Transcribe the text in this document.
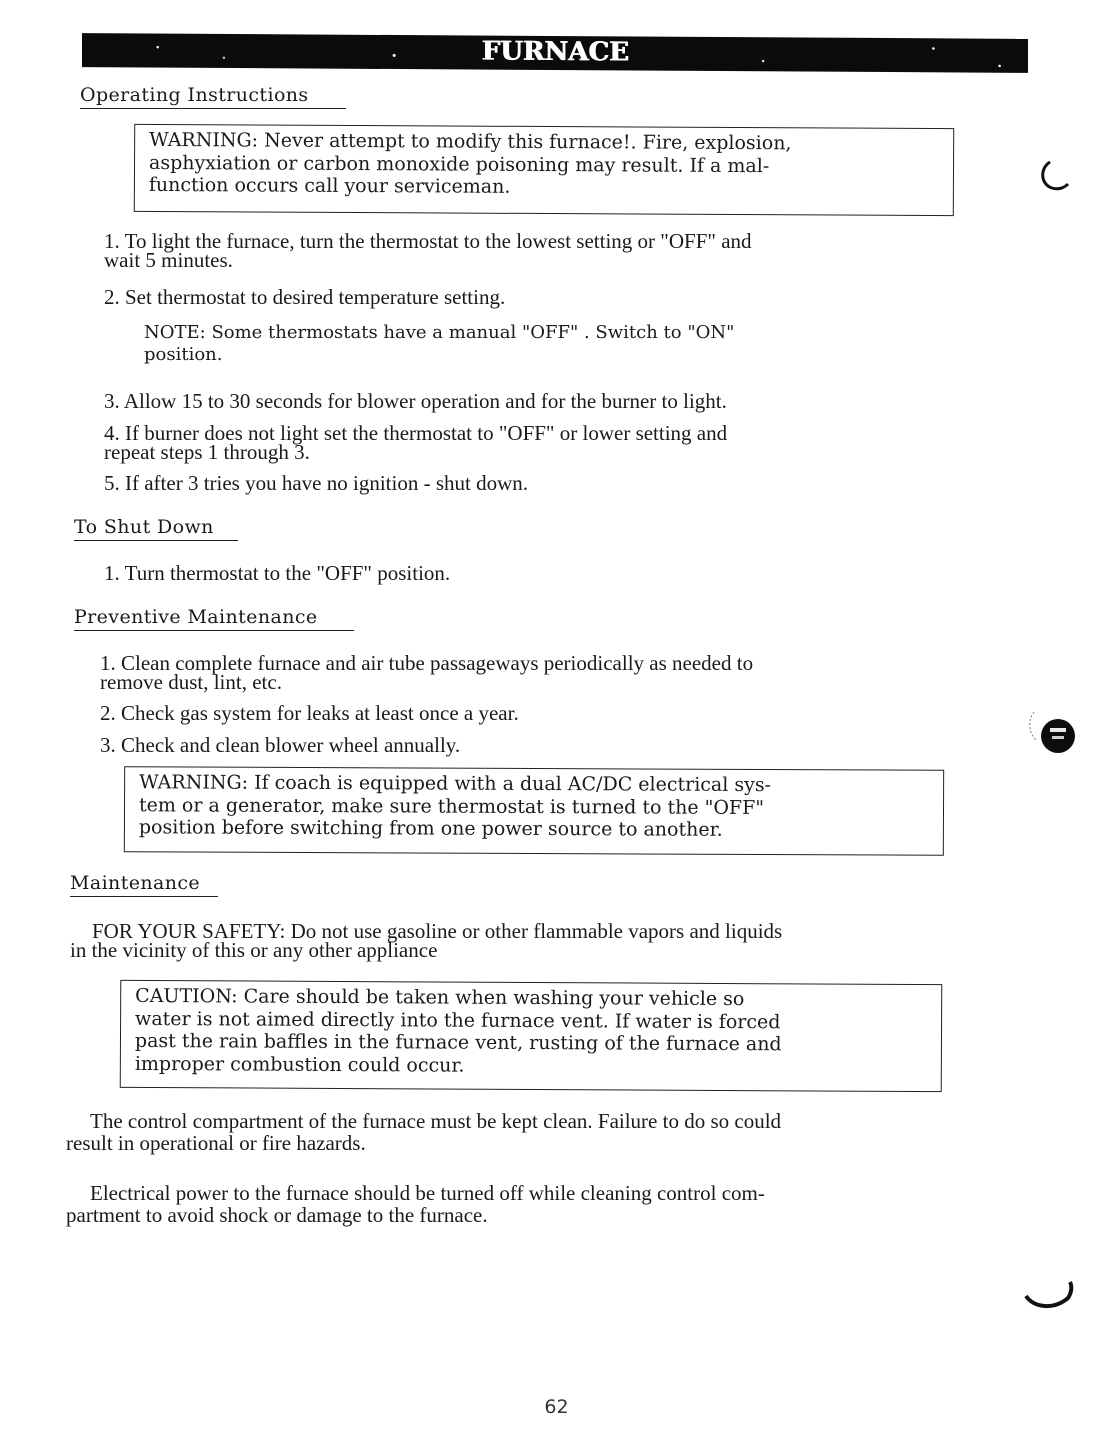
FURNACE
Operating Instructions
WARNING: Never attempt to modify this furnace!. Fire, explosion,
asphyxiation or carbon monoxide poisoning may result. If a mal-
function occurs call your serviceman.
1. To light the furnace, turn the thermostat to the lowest setting or "OFF" and
wait 5 minutes.
2. Set thermostat to desired temperature setting.
NOTE: Some thermostats have a manual "OFF" . Switch to "ON"
position.
3. Allow 15 to 30 seconds for blower operation and for the burner to light.
4. If burner does not light set the thermostat to "OFF" or lower setting and
repeat steps 1 through 3.
5. If after 3 tries you have no ignition - shut down.
To Shut Down
1. Turn thermostat to the "OFF" position.
Preventive Maintenance
1. Clean complete furnace and air tube passageways periodically as needed to
remove dust, lint, etc.
2. Check gas system for leaks at least once a year.
3. Check and clean blower wheel annually.
WARNING: If coach is equipped with a dual AC/DC electrical sys-
tem or a generator, make sure thermostat is turned to the "OFF"
position before switching from one power source to another.
Maintenance
FOR YOUR SAFETY: Do not use gasoline or other flammable vapors and liquids
in the vicinity of this or any other appliance
CAUTION: Care should be taken when washing your vehicle so
water is not aimed directly into the furnace vent. If water is forced
past the rain baffles in the furnace vent, rusting of the furnace and
improper combustion could occur.
The control compartment of the furnace must be kept clean. Failure to do so could
result in operational or fire hazards.
Electrical power to the furnace should be turned off while cleaning control com-
partment to avoid shock or damage to the furnace.
62
